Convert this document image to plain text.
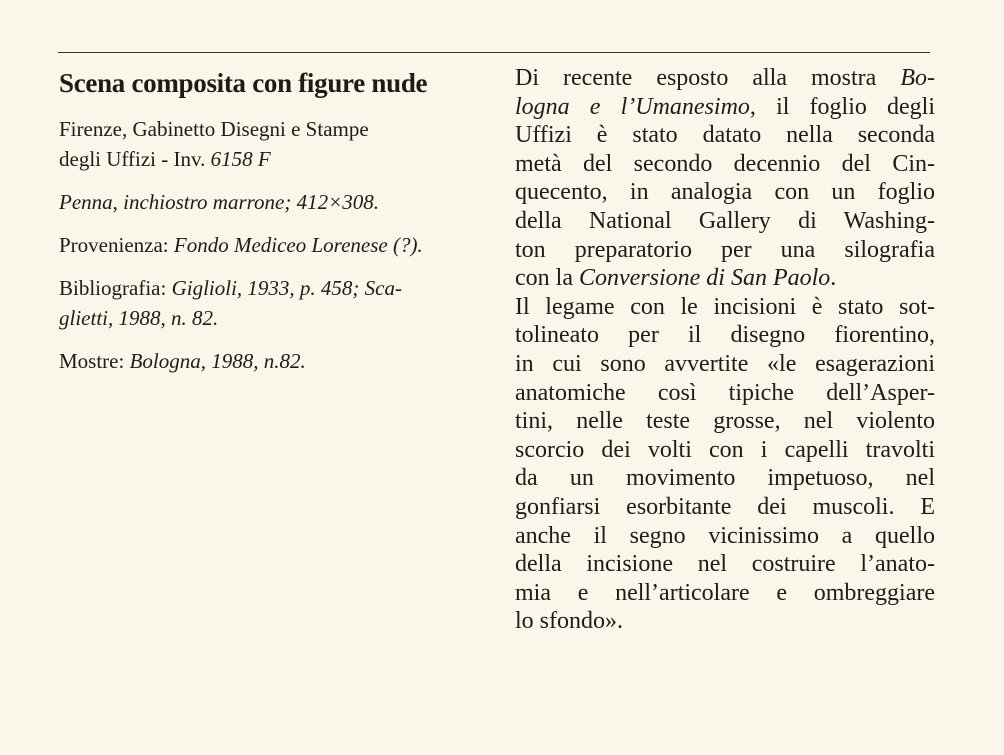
Scena composita con figure nude

Firenze, Gabinetto Disegni e Stampe
degli Uffizi - Inv. 6158 F

Penna, inchiostro marrone; 412×308.

Provenienza: Fondo Mediceo Lorenese (?).

Bibliografia: Giglioli, 1933, p. 458; Sca-
glietti, 1988, n. 82.

Mostre: Bologna, 1988, n.82.

Di recente esposto alla mostra Bo-
logna e l’Umanesimo, il foglio degli
Uffizi è stato datato nella seconda
metà del secondo decennio del Cin-
quecento, in analogia con un foglio
della National Gallery di Washing-
ton preparatorio per una silografia
con la Conversione di San Paolo.
Il legame con le incisioni è stato sot-
tolineato per il disegno fiorentino,
in cui sono avvertite «le esagerazioni
anatomiche così tipiche dell’Asper-
tini, nelle teste grosse, nel violento
scorcio dei volti con i capelli travolti
da un movimento impetuoso, nel
gonfiarsi esorbitante dei muscoli. E
anche il segno vicinissimo a quello
della incisione nel costruire l’anato-
mia e nell’articolare e ombreggiare
lo sfondo».
